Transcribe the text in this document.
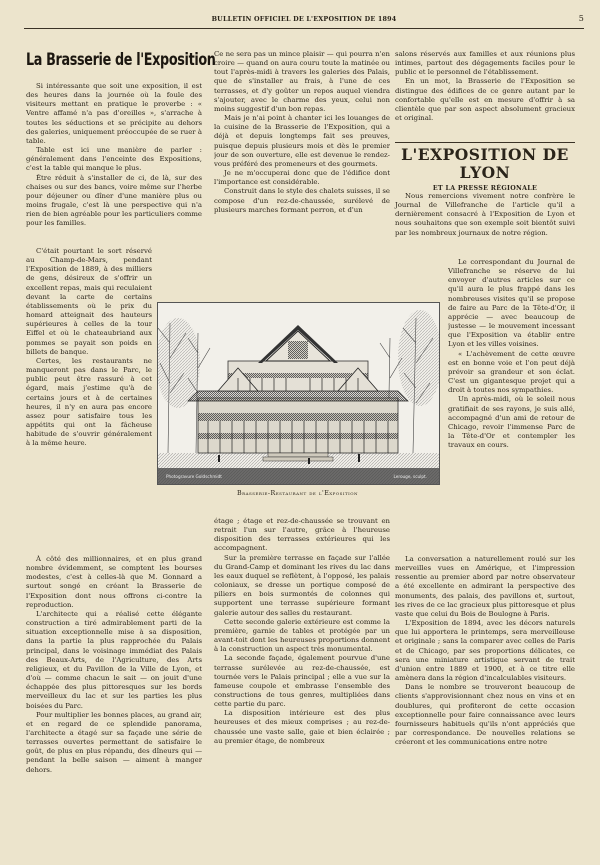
BULLETIN OFFICIEL DE L'EXPOSITION DE 1894	5
La Brasserie de l'Exposition

Si intéressante que soit une exposition, il est des heures dans la journée où la foule des visiteurs mettant en pratique le proverbe : « Ventre affamé n'a pas d'oreilles », s'arrache à toutes les séductions et se précipite au dehors des galeries, uniquement préoccupée de se ruer à table.

Table est ici une manière de parler : généralement dans l'enceinte des Expositions, c'est la table qui manque le plus.

Être réduit à s'installer de ci, de là, sur des chaises ou sur des bancs, voire même sur l'herbe pour déjeuner ou dîner d'une manière plus ou moins frugale, c'est là une perspective qui n'a rien de bien agréable pour les particuliers comme pour les familles.

C'était pourtant le sort réservé au Champ-de-Mars, pendant l'Exposition de 1889, à des milliers de gens, désireux de s'offrir un excellent repas, mais qui reculaient devant la carte de certains établissements où le prix du homard atteignait des hauteurs supérieures à celles de la tour Eiffel et où le chateaubriand aux pommes se payait son poids en billets de banque.

Certes, les restaurants ne manqueront pas dans le Parc, le public peut être rassuré à cet égard, mais j'estime qu'à de certains jours et à de certaines heures, il n'y en aura pas encore assez pour satisfaire tous les appétits qui ont la fâcheuse habitude de s'ouvrir généralement à la même heure.

Ce ne sera pas un mince plaisir — qui pourra n'en croire — quand on aura couru toute la matinée ou tout l'après-midi à travers les galeries des Palais, que de s'installer au frais, à l'une de ces terrasses, et d'y goûter un repos auquel viendra s'ajouter, avec le charme des yeux, celui non moins suggestif d'un bon repas.

Mais je n'ai point à chanter ici les louanges de la cuisine de la Brasserie de l'Exposition, qui a déjà et depuis longtemps fait ses preuves, puisque depuis plusieurs mois et dès le premier jour de son ouverture, elle est devenue le rendez-vous préféré des promeneurs et des gourmets.

Je ne m'occuperai donc que de l'édifice dont l'importance est considérable.

Construit dans le style des chalets suisses, il se compose d'un rez-de-chaussée, surélevé de plusieurs marches formant perron, et d'un

salons réservés aux familles et aux réunions plus intimes, partout des dégagements faciles pour le public et le personnel de l'établissement.

En un mot, la Brasserie de l'Exposition se distingue des édifices de ce genre autant par le confortable qu'elle est en mesure d'offrir à sa clientèle que par son aspect absolument gracieux et original.

L'EXPOSITION DE LYON
ET LA PRESSE RÉGIONALE

Nous remercions vivement notre confrère le Journal de Villefranche de l'article qu'il a dernièrement consacré à l'Exposition de Lyon et nous souhaitons que son exemple soit bientôt suivi par les nombreux journaux de notre région.

Le correspondant du Journal de Villefranche se réserve de lui envoyer d'autres articles sur ce qu'il aura le plus frappé dans les nombreuses visites qu'il se propose de faire au Parc de la Tête-d'Or, il apprécie — avec beaucoup de justesse — le mouvement incessant que l'Exposition va établir entre Lyon et les villes voisines.

« L'achèvement de cette œuvre est en bonne voie et l'on peut déjà prévoir sa grandeur et son éclat. C'est un gigantesque projet qui a droit à toutes nos sympathies.

Un après-midi, où le soleil nous gratifiait de ses rayons, je suis allé, accompagné d'un ami de retour de Chicago, revoir l'immense Parc de la Tête-d'Or et contempler les travaux en cours.

Photogravure Goldschmidt	Lerouge, sculpt.
Brasserie-Restaurant de l'Exposition

À côté des millionnaires, et en plus grand nombre évidemment, se comptent les bourses modestes, c'est à celles-là que M. Gonnard a surtout songé en créant la Brasserie de l'Exposition dont nous offrons ci-contre la reproduction.

L'architecte qui a réalisé cette élégante construction a tiré admirablement parti de la situation exceptionnelle mise à sa disposition, dans la partie la plus rapprochée du Palais principal, dans le voisinage immédiat des Palais des Beaux-Arts, de l'Agriculture, des Arts religieux, et du Pavillon de la Ville de Lyon, et d'où — comme chacun le sait — on jouit d'une échappée des plus pittoresques sur les bords merveilleux du lac et sur les parties les plus boisées du Parc.

Pour multiplier les bonnes places, au grand air, et en regard de ce splendide panorama, l'architecte a étagé sur sa façade une série de terrasses ouvertes permettant de satisfaire le goût, de plus en plus répandu, des dîneurs qui — pendant la belle saison — aiment à manger dehors.

étage ; étage et rez-de-chaussée se trouvant en retrait l'un sur l'autre, grâce à l'heureuse disposition des terrasses extérieures qui les accompagnent.

Sur la première terrasse en façade sur l'allée du Grand-Camp et dominant les rives du lac dans les eaux duquel se reflètent, à l'opposé, les palais coloniaux, se dresse un portique composé de piliers en bois surmontés de colonnes qui supportent une terrasse supérieure formant galerie autour des salles du restaurant.

Cette seconde galerie extérieure est comme la première, garnie de tables et protégée par un avant-toit dont les heureuses proportions donnent à la construction un aspect très monumental.

La seconde façade, également pourvue d'une terrasse surélevée au rez-de-chaussée, est tournée vers le Palais principal ; elle a vue sur la fameuse coupole et embrasse l'ensemble des constructions de tous genres, multipliées dans cette partie du parc.

La disposition intérieure est des plus heureuses et des mieux comprises ; au rez-de-chaussée une vaste salle, gaie et bien éclairée ; au premier étage, de nombreux

La conversation a naturellement roulé sur les merveilles vues en Amérique, et l'impression ressentie au premier abord par notre observateur a été excellente en admirant la perspective des monuments, des palais, des pavillons et, surtout, les rives de ce lac gracieux plus pittoresque et plus vaste que celui du Bois de Boulogne à Paris.

L'Exposition de 1894, avec les décors naturels que lui apportera le printemps, sera merveilleuse et originale ; sans la comparer avec celles de Paris et de Chicago, par ses proportions délicates, ce sera une miniature artistique servant de trait d'union entre 1889 et 1900, et à ce titre elle amènera dans la région d'incalculables visiteurs.

Dans le nombre se trouveront beaucoup de clients s'approvisionnant chez nous en vins et en doublures, qui profiteront de cette occasion exceptionnelle pour faire connaissance avec leurs fournisseurs habituels qu'ils n'ont appréciés que par correspondance. De nouvelles relations se créeront et les communications entre notre
